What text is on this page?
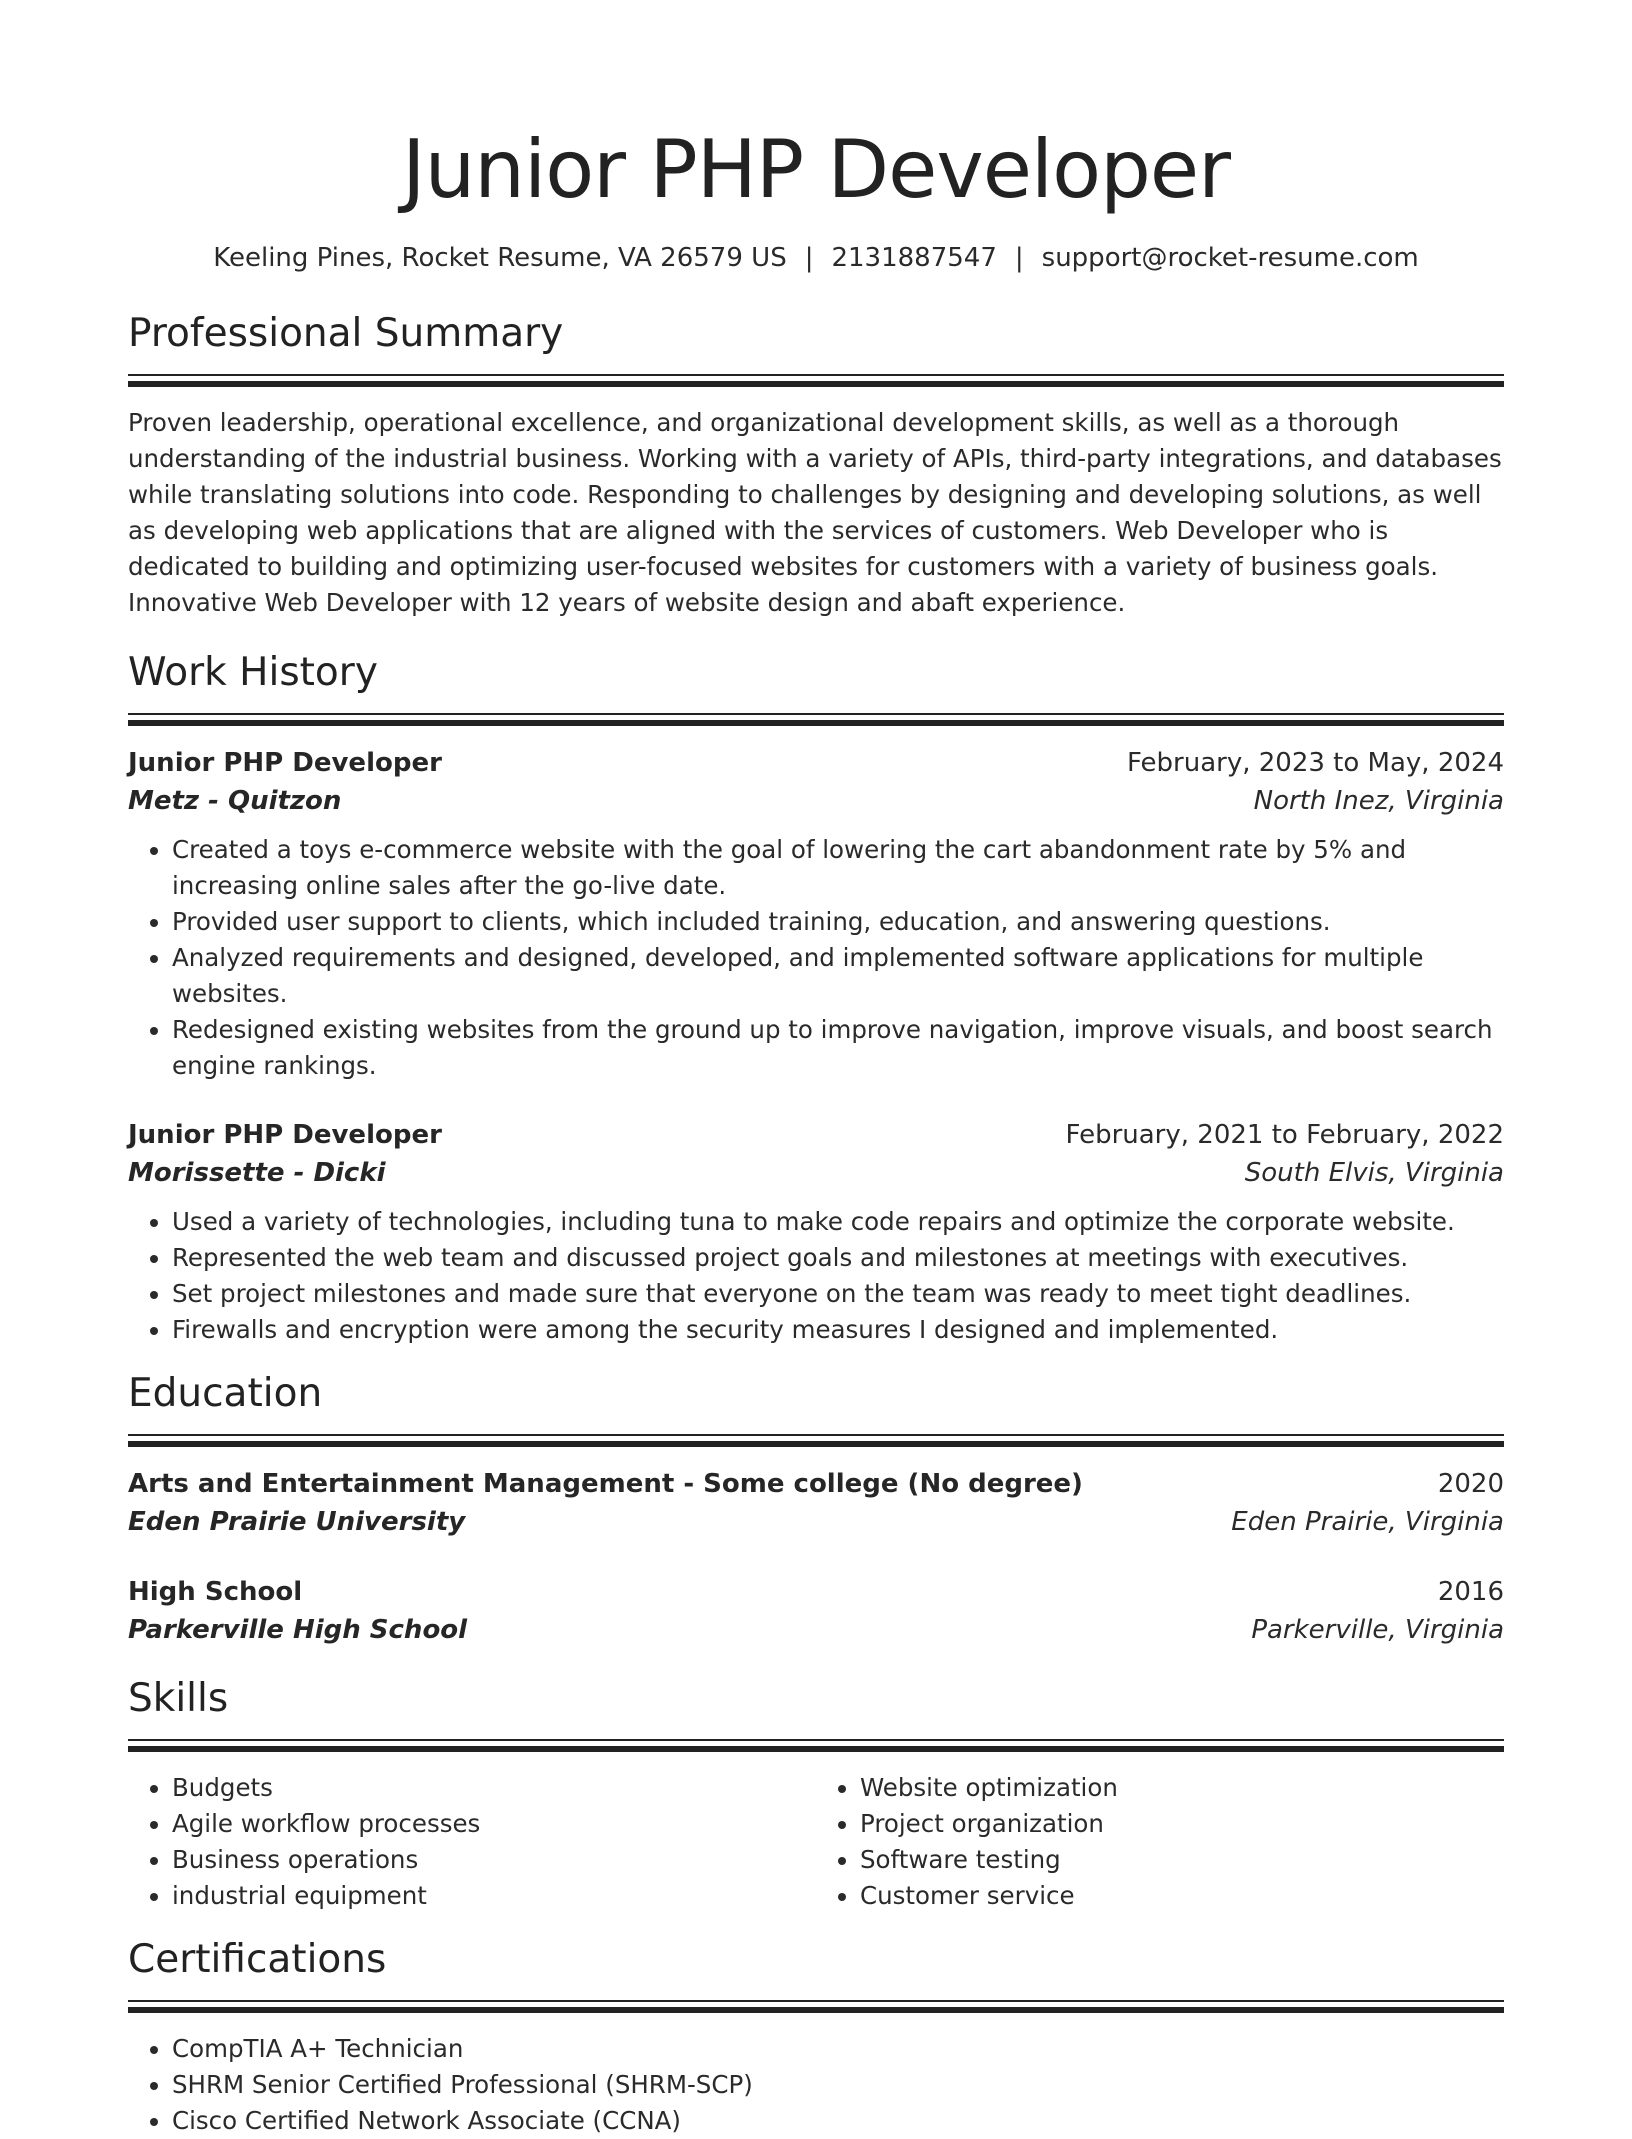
Junior PHP Developer
Keeling Pines, Rocket Resume, VA 26579 US | 2131887547 | support@rocket-resume.com
Professional Summary

Proven leadership, operational excellence, and organizational development skills, as well as a thorough understanding of the industrial business. Working with a variety of APIs, third-party integrations, and databases while translating solutions into code. Responding to challenges by designing and developing solutions, as well as developing web applications that are aligned with the services of customers. Web Developer who is dedicated to building and optimizing user-focused websites for customers with a variety of business goals. Innovative Web Developer with 12 years of website design and abaft experience.

Work History
Junior PHP Developer	February, 2023 to May, 2024
Metz - Quitzon	North Inez, Virginia
• Created a toys e-commerce website with the goal of lowering the cart abandonment rate by 5% and increasing online sales after the go-live date.
• Provided user support to clients, which included training, education, and answering questions.
• Analyzed requirements and designed, developed, and implemented software applications for multiple websites.
• Redesigned existing websites from the ground up to improve navigation, improve visuals, and boost search engine rankings.
Junior PHP Developer	February, 2021 to February, 2022
Morissette - Dicki	South Elvis, Virginia
• Used a variety of technologies, including tuna to make code repairs and optimize the corporate website.
• Represented the web team and discussed project goals and milestones at meetings with executives.
• Set project milestones and made sure that everyone on the team was ready to meet tight deadlines.
• Firewalls and encryption were among the security measures I designed and implemented.
Education
Arts and Entertainment Management - Some college (No degree)	2020
Eden Prairie University	Eden Prairie, Virginia
High School	2016
Parkerville High School	Parkerville, Virginia
Skills
• Budgets
• Agile workflow processes
• Business operations
• industrial equipment
• Website optimization
• Project organization
• Software testing
• Customer service
Certifications
• CompTIA A+ Technician
• SHRM Senior Certified Professional (SHRM-SCP)
• Cisco Certified Network Associate (CCNA)
